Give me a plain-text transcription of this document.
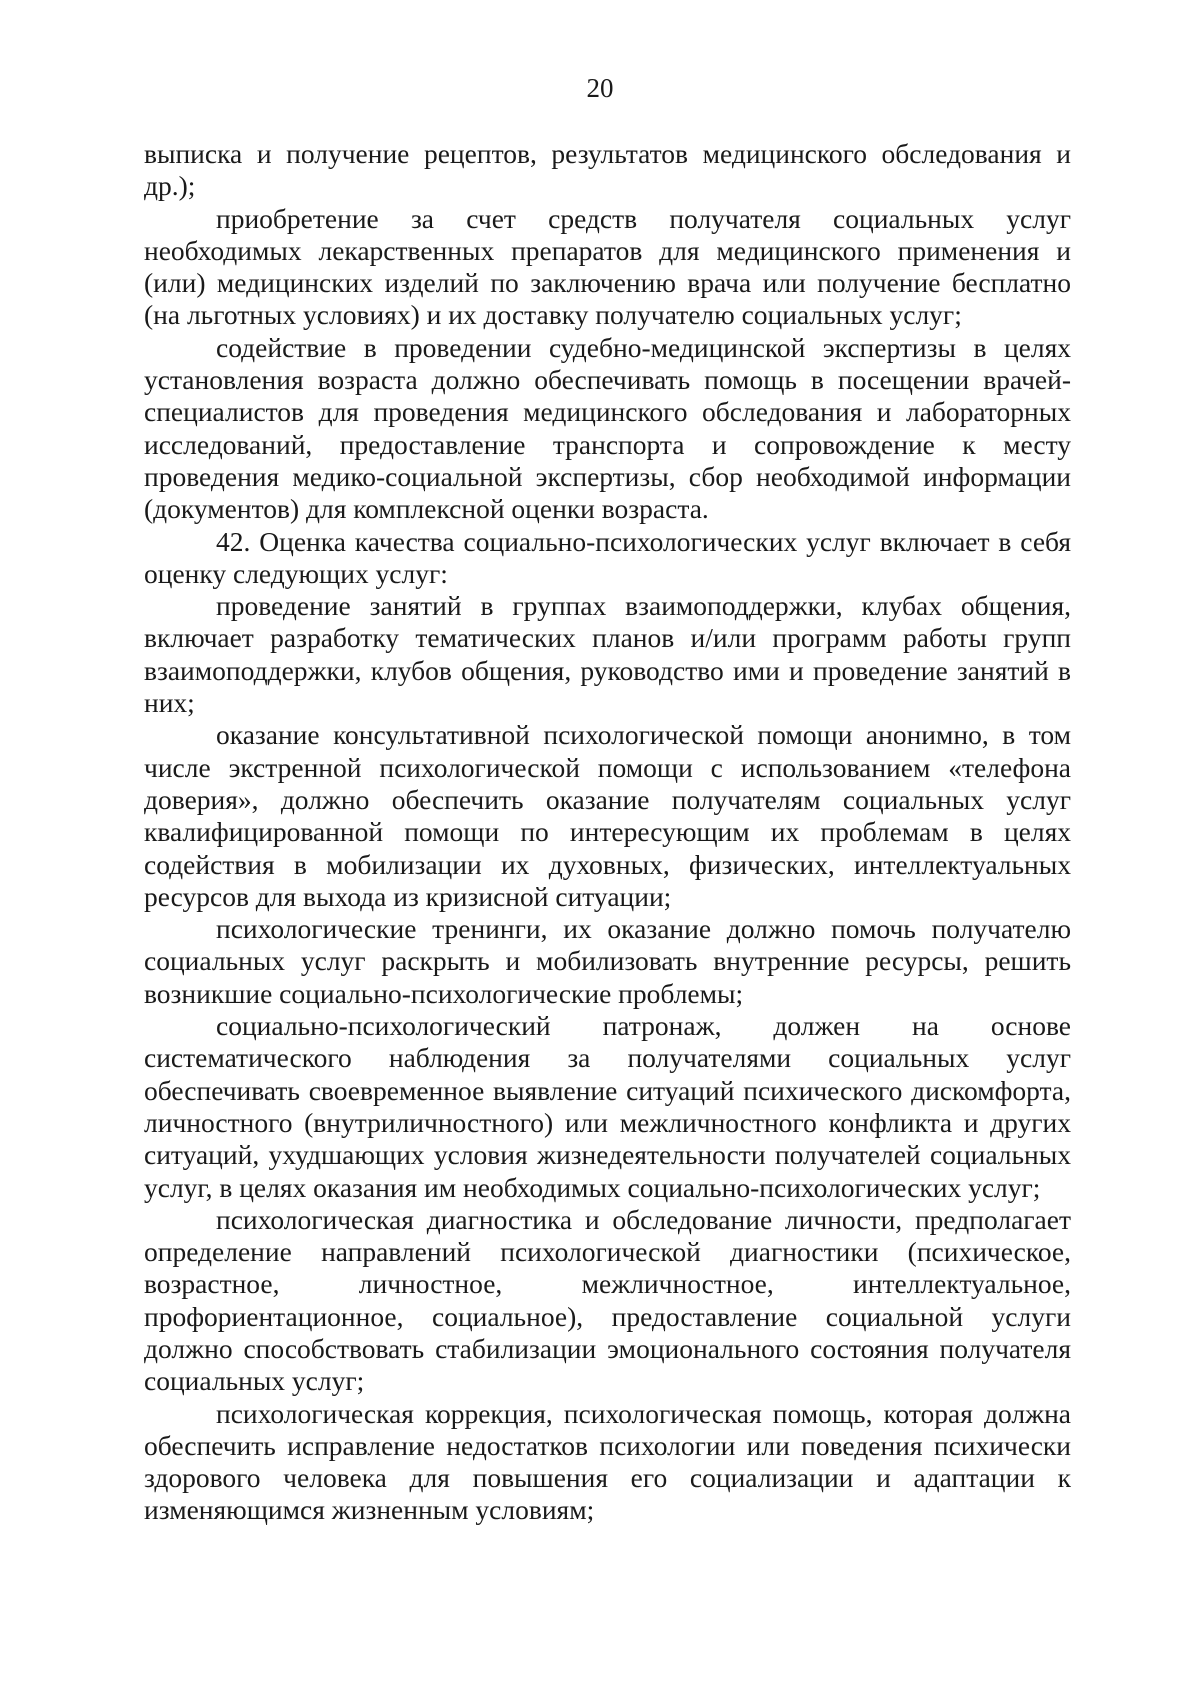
20

выписка и получение рецептов, результатов медицинского обследования и др.);

приобретение за счет средств получателя социальных услуг необходимых лекарственных препаратов для медицинского применения и (или) медицинских изделий по заключению врача или получение бесплатно (на льготных условиях) и их доставку получателю социальных услуг;

содействие в проведении судебно-медицинской экспертизы в целях установления возраста должно обеспечивать помощь в посещении врачей-специалистов для проведения медицинского обследования и лабораторных исследований, предоставление транспорта и сопровождение к месту проведения медико-социальной экспертизы, сбор необходимой информации (документов) для комплексной оценки возраста.

42. Оценка качества социально-психологических услуг включает в себя оценку следующих услуг:

проведение занятий в группах взаимоподдержки, клубах общения, включает разработку тематических планов и/или программ работы групп взаимоподдержки, клубов общения, руководство ими и проведение занятий в них;

оказание консультативной психологической помощи анонимно, в том числе экстренной психологической помощи с использованием «телефона доверия», должно обеспечить оказание получателям социальных услуг квалифицированной помощи по интересующим их проблемам в целях содействия в мобилизации их духовных, физических, интеллектуальных ресурсов для выхода из кризисной ситуации;

психологические тренинги, их оказание должно помочь получателю социальных услуг раскрыть и мобилизовать внутренние ресурсы, решить возникшие социально-психологические проблемы;

социально-психологический патронаж, должен на основе систематического наблюдения за получателями социальных услуг обеспечивать своевременное выявление ситуаций психического дискомфорта, личностного (внутриличностного) или межличностного конфликта и других ситуаций, ухудшающих условия жизнедеятельности получателей социальных услуг, в целях оказания им необходимых социально-психологических услуг;

психологическая диагностика и обследование личности, предполагает определение направлений психологической диагностики (психическое, возрастное, личностное, межличностное, интеллектуальное, профориентационное, социальное), предоставление социальной услуги должно способствовать стабилизации эмоционального состояния получателя социальных услуг;

психологическая коррекция, психологическая помощь, которая должна обеспечить исправление недостатков психологии или поведения психически здорового человека для повышения его социализации и адаптации к изменяющимся жизненным условиям;
